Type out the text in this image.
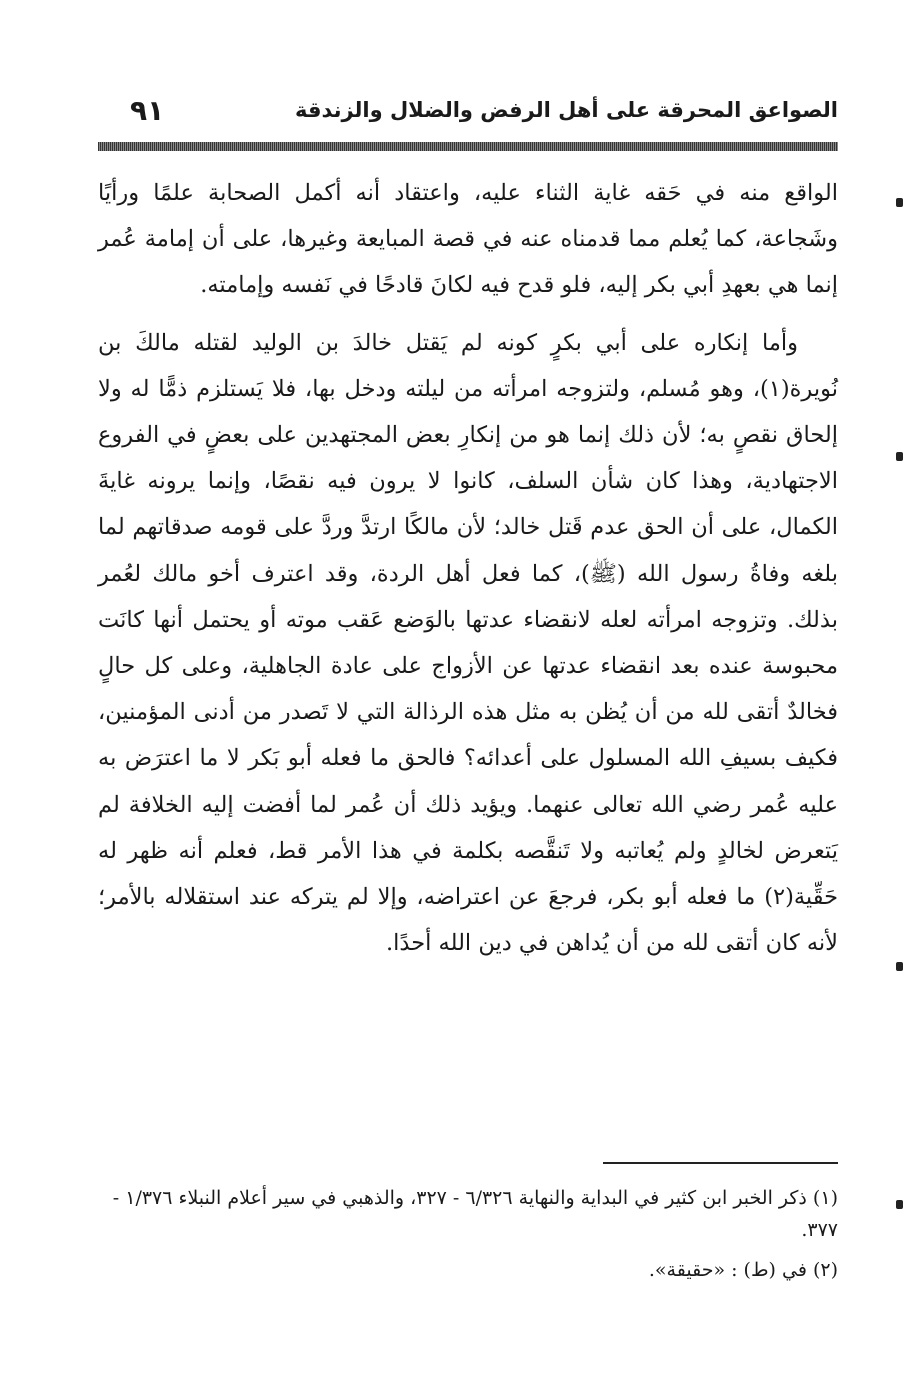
٩١	الصواعق المحرقة على أهل الرفض والضلال والزندقة

الواقع منه في حَقه غاية الثناء عليه، واعتقاد أنه أكمل الصحابة علمًا ورأيًا وشَجاعة، كما يُعلم مما قدمناه عنه في قصة المبايعة وغيرها، على أن إمامة عُمر إنما هي بعهدِ أبي بكر إليه، فلو قدح فيه لكانَ قادحًا في نَفسه وإمامته.

وأما إنكاره على أبي بكرٍ كونه لم يَقتل خالدَ بن الوليد لقتله مالكَ بن نُويرة(١)، وهو مُسلم، ولتزوجه امرأته من ليلته ودخل بها، فلا يَستلزم ذمًّا له ولا إلحاق نقصٍ به؛ لأن ذلك إنما هو من إنكارِ بعض المجتهدين على بعضٍ في الفروع الاجتهادية، وهذا كان شأن السلف، كانوا لا يرون فيه نقصًا، وإنما يرونه غايةَ الكمال، على أن الحق عدم قَتل خالد؛ لأن مالكًا ارتدَّ وردَّ على قومه صدقاتهم لما بلغه وفاةُ رسول الله (ﷺ)، كما فعل أهل الردة، وقد اعترف أخو مالك لعُمر بذلك. وتزوجه امرأته لعله لانقضاء عدتها بالوَضع عَقب موته أو يحتمل أنها كانَت محبوسة عنده بعد انقضاء عدتها عن الأزواج على عادة الجاهلية، وعلى كل حالٍ فخالدٌ أتقى لله من أن يُظن به مثل هذه الرذالة التي لا تَصدر من أدنى المؤمنين، فكيف بسيفِ الله المسلول على أعدائه؟ فالحق ما فعله أبو بَكر لا ما اعترَض به عليه عُمر رضي الله تعالى عنهما. ويؤيد ذلك أن عُمر لما أفضت إليه الخلافة لم يَتعرض لخالدٍ ولم يُعاتبه ولا تَنقَّصه بكلمة في هذا الأمر قط، فعلم أنه ظهر له حَقِّية(٢) ما فعله أبو بكر، فرجعَ عن اعتراضه، وإلا لم يتركه عند استقلاله بالأمر؛ لأنه كان أتقى لله من أن يُداهن في دين الله أحدًا.

(١) ذكر الخبر ابن كثير في البداية والنهاية ٦/٣٢٦ - ٣٢٧، والذهبي في سير أعلام النبلاء ١/٣٧٦ - ٣٧٧.

(٢) في (ط) : «حقيقة».
